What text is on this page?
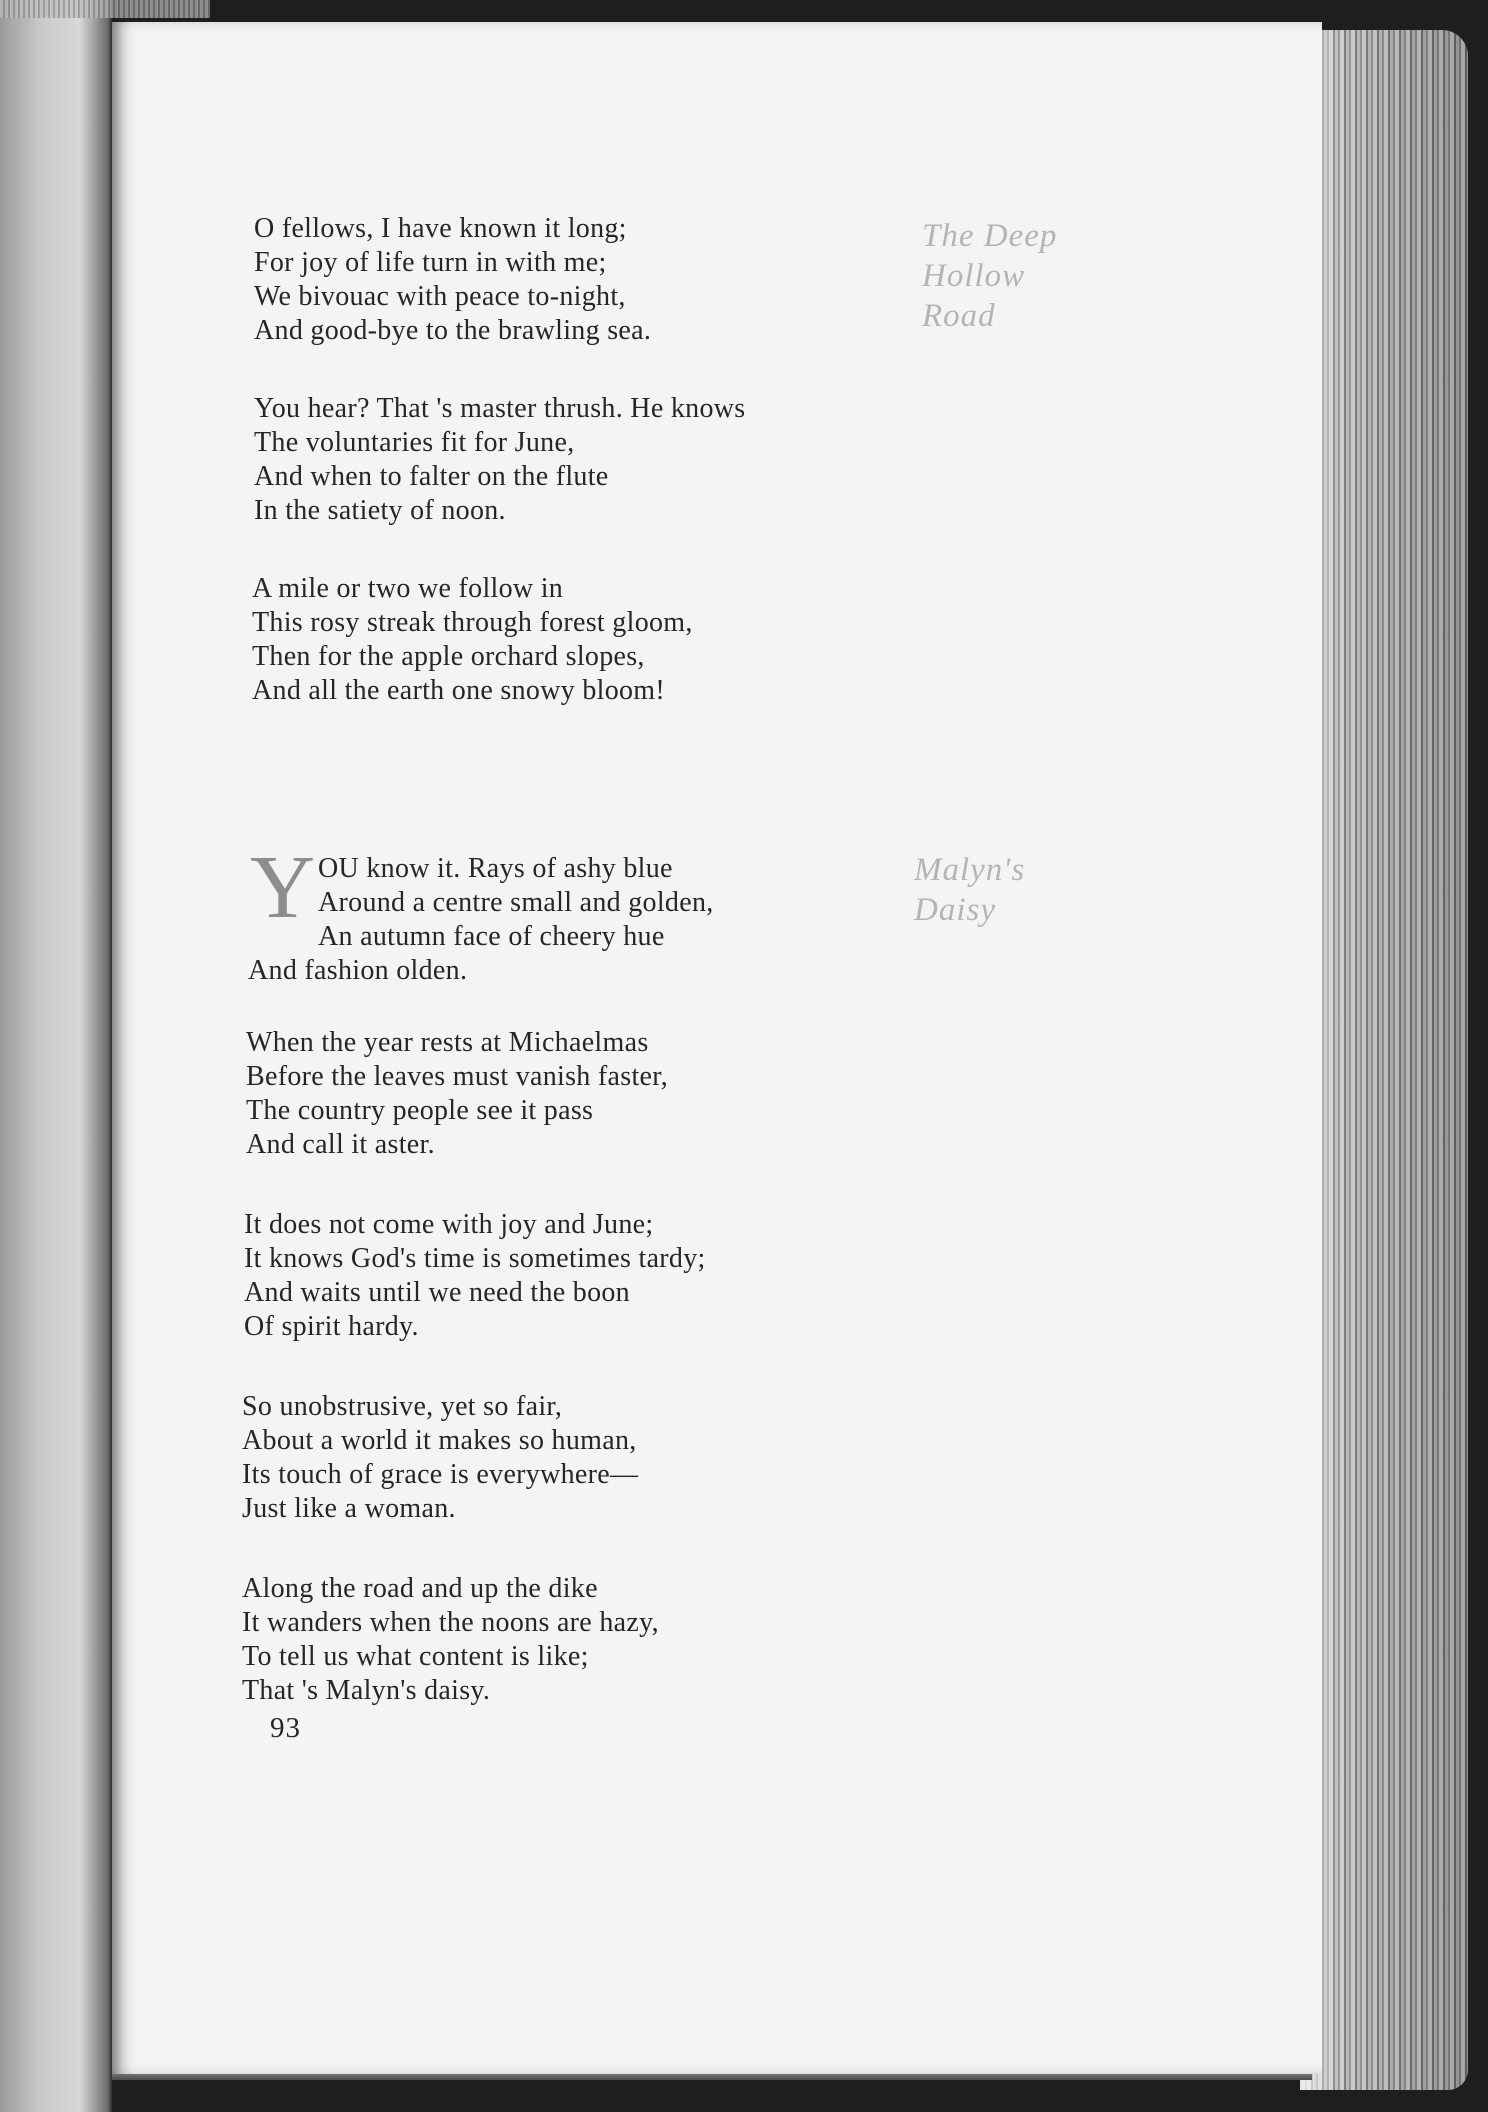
The Deep
Hollow
Road
O fellows, I have known it long;
For joy of life turn in with me;
We bivouac with peace to-night,
And good-bye to the brawling sea.
You hear? That 's master thrush. He knows
The voluntaries fit for June,
And when to falter on the flute
In the satiety of noon.
A mile or two we follow in
This rosy streak through forest gloom,
Then for the apple orchard slopes,
And all the earth one snowy bloom!
Malyn's
Daisy
Y OU know it. Rays of ashy blue
Around a centre small and golden,
An autumn face of cheery hue
And fashion olden.
When the year rests at Michaelmas
Before the leaves must vanish faster,
The country people see it pass
And call it aster.
It does not come with joy and June;
It knows God's time is sometimes tardy;
And waits until we need the boon
Of spirit hardy.
So unobstrusive, yet so fair,
About a world it makes so human,
Its touch of grace is everywhere—
Just like a woman.
Along the road and up the dike
It wanders when the noons are hazy,
To tell us what content is like;
That 's Malyn's daisy.
93
